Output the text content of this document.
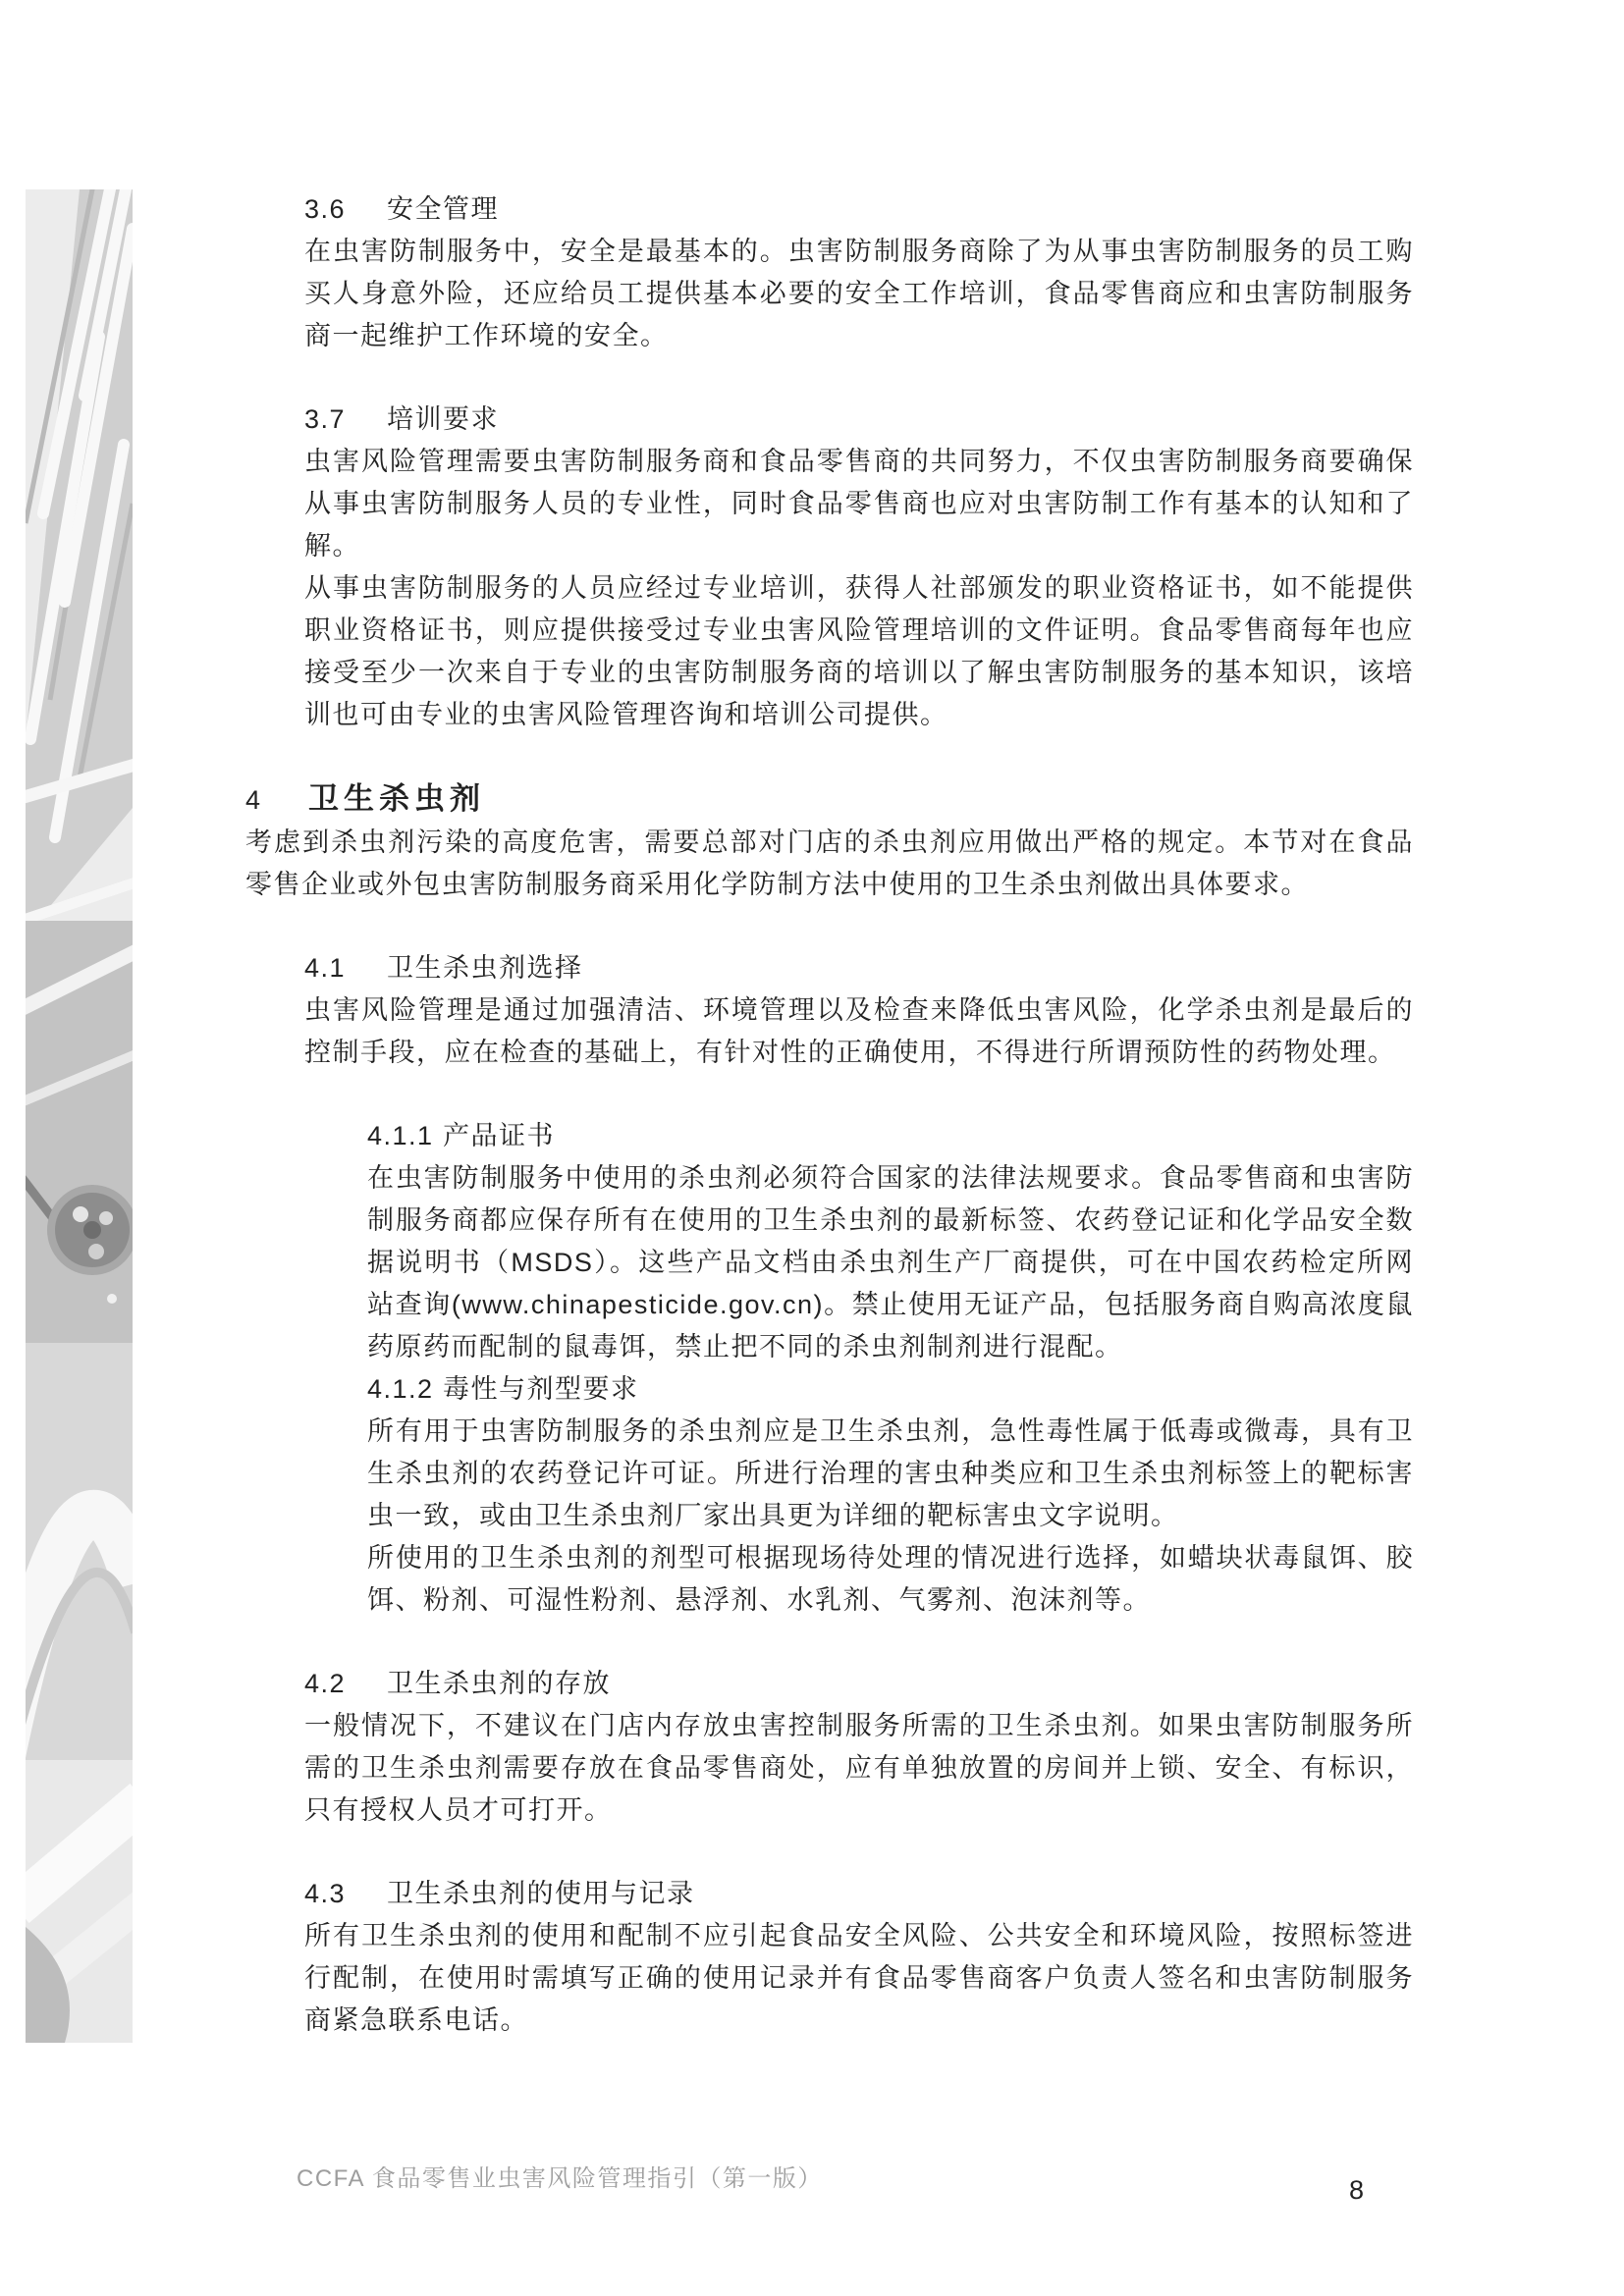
3.6	安全管理

在虫害防制服务中，安全是最基本的。虫害防制服务商除了为从事虫害防制服务的员工购买人身意外险，还应给员工提供基本必要的安全工作培训，食品零售商应和虫害防制服务商一起维护工作环境的安全。

3.7	培训要求

虫害风险管理需要虫害防制服务商和食品零售商的共同努力，不仅虫害防制服务商要确保从事虫害防制服务人员的专业性，同时食品零售商也应对虫害防制工作有基本的认知和了解。

从事虫害防制服务的人员应经过专业培训，获得人社部颁发的职业资格证书，如不能提供职业资格证书，则应提供接受过专业虫害风险管理培训的文件证明。食品零售商每年也应接受至少一次来自于专业的虫害防制服务商的培训以了解虫害防制服务的基本知识，该培训也可由专业的虫害风险管理咨询和培训公司提供。

4	卫生杀虫剂

考虑到杀虫剂污染的高度危害，需要总部对门店的杀虫剂应用做出严格的规定。本节对在食品零售企业或外包虫害防制服务商采用化学防制方法中使用的卫生杀虫剂做出具体要求。

4.1	卫生杀虫剂选择

虫害风险管理是通过加强清洁、环境管理以及检查来降低虫害风险，化学杀虫剂是最后的控制手段，应在检查的基础上，有针对性的正确使用，不得进行所谓预防性的药物处理。

4.1.1 产品证书

在虫害防制服务中使用的杀虫剂必须符合国家的法律法规要求。食品零售商和虫害防制服务商都应保存所有在使用的卫生杀虫剂的最新标签、农药登记证和化学品安全数据说明书（MSDS）。这些产品文档由杀虫剂生产厂商提供，可在中国农药检定所网站查询(www.chinapesticide.gov.cn)。禁止使用无证产品，包括服务商自购高浓度鼠药原药而配制的鼠毒饵，禁止把不同的杀虫剂制剂进行混配。

4.1.2 毒性与剂型要求

所有用于虫害防制服务的杀虫剂应是卫生杀虫剂，急性毒性属于低毒或微毒，具有卫生杀虫剂的农药登记许可证。所进行治理的害虫种类应和卫生杀虫剂标签上的靶标害虫一致，或由卫生杀虫剂厂家出具更为详细的靶标害虫文字说明。

所使用的卫生杀虫剂的剂型可根据现场待处理的情况进行选择，如蜡块状毒鼠饵、胶饵、粉剂、可湿性粉剂、悬浮剂、水乳剂、气雾剂、泡沫剂等。

4.2	卫生杀虫剂的存放

一般情况下，不建议在门店内存放虫害控制服务所需的卫生杀虫剂。如果虫害防制服务所需的卫生杀虫剂需要存放在食品零售商处，应有单独放置的房间并上锁、安全、有标识，只有授权人员才可打开。

4.3	卫生杀虫剂的使用与记录

所有卫生杀虫剂的使用和配制不应引起食品安全风险、公共安全和环境风险，按照标签进行配制，在使用时需填写正确的使用记录并有食品零售商客户负责人签名和虫害防制服务商紧急联系电话。

CCFA 食品零售业虫害风险管理指引（第一版）	8
